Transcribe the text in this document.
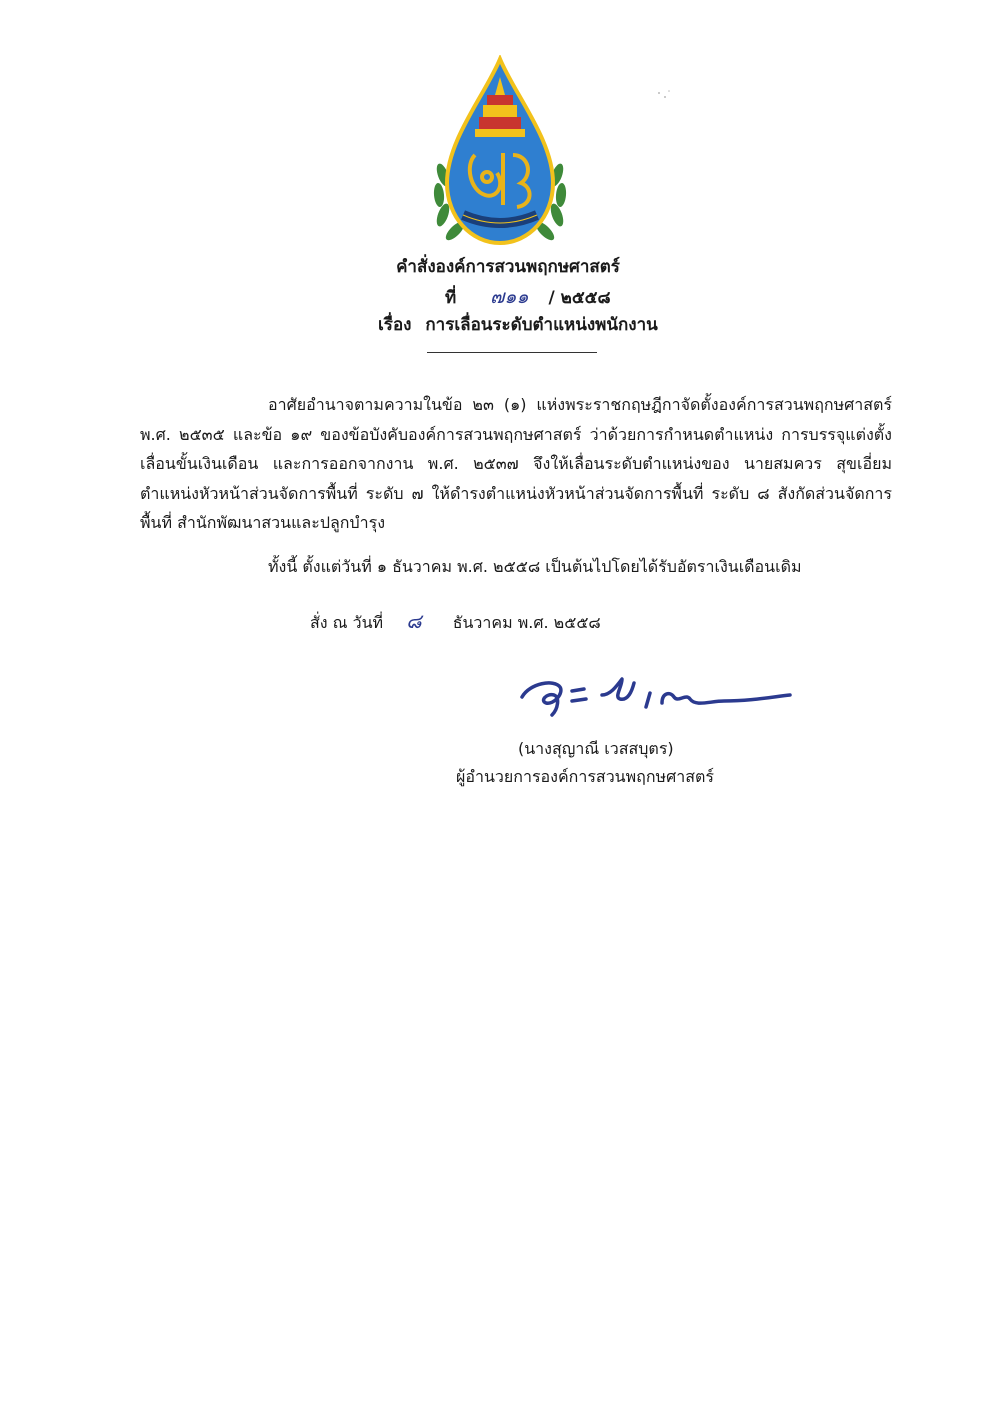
คำสั่งองค์การสวนพฤกษศาสตร์
ที่ ๗๑๑ / ๒๕๕๘
เรื่อง การเลื่อนระดับตำแหน่งพนักงาน
อาศัยอำนาจตามความในข้อ ๒๓ (๑) แห่งพระราชกฤษฎีกาจัดตั้งองค์การสวนพฤกษศาสตร์
พ.ศ. ๒๕๓๕ และข้อ ๑๙ ของข้อบังคับองค์การสวนพฤกษศาสตร์ ว่าด้วยการกำหนดตำแหน่ง การบรรจุแต่งตั้ง
เลื่อนขั้นเงินเดือน และการออกจากงาน พ.ศ. ๒๕๓๗ จึงให้เลื่อนระดับตำแหน่งของ นายสมควร สุขเอี่ยม
ตำแหน่งหัวหน้าส่วนจัดการพื้นที่ ระดับ ๗ ให้ดำรงตำแหน่งหัวหน้าส่วนจัดการพื้นที่ ระดับ ๘ สังกัดส่วนจัดการ
พื้นที่ สำนักพัฒนาสวนและปลูกบำรุง
ทั้งนี้ ตั้งแต่วันที่ ๑ ธันวาคม พ.ศ. ๒๕๕๘ เป็นต้นไปโดยได้รับอัตราเงินเดือนเดิม
สั่ง ณ วันที่ ๘ ธันวาคม พ.ศ. ๒๕๕๘
(นางสุญาณี เวสสบุตร)
ผู้อำนวยการองค์การสวนพฤกษศาสตร์
